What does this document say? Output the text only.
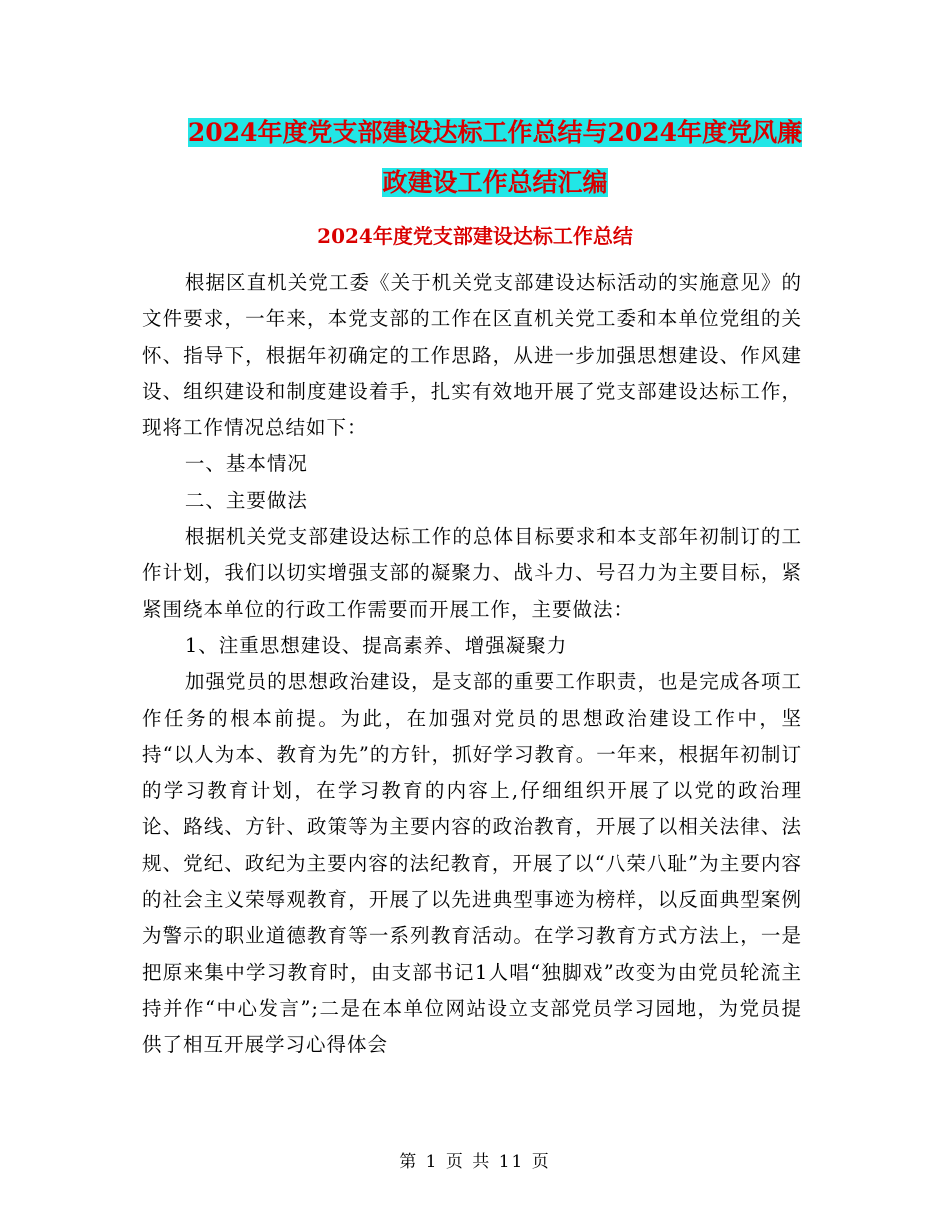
2024年度党支部建设达标工作总结与2024年度党风廉
政建设工作总结汇编
2024年度党支部建设达标工作总结

根据区直机关党工委《关于机关党支部建设达标活动的实施意见》的文件要求，一年来，本党支部的工作在区直机关党工委和本单位党组的关怀、指导下，根据年初确定的工作思路，从进一步加强思想建设、作风建设、组织建设和制度建设着手，扎实有效地开展了党支部建设达标工作，现将工作情况总结如下：

一、基本情况

二、主要做法

根据机关党支部建设达标工作的总体目标要求和本支部年初制订的工作计划，我们以切实增强支部的凝聚力、战斗力、号召力为主要目标，紧紧围绕本单位的行政工作需要而开展工作，主要做法：

1、注重思想建设、提高素养、增强凝聚力

加强党员的思想政治建设，是支部的重要工作职责，也是完成各项工作任务的根本前提。为此，在加强对党员的思想政治建设工作中，坚持“以人为本、教育为先”的方针，抓好学习教育。一年来，根据年初制订的学习教育计划，在学习教育的内容上,仔细组织开展了以党的政治理论、路线、方针、政策等为主要内容的政治教育，开展了以相关法律、法规、党纪、政纪为主要内容的法纪教育，开展了以“八荣八耻”为主要内容的社会主义荣辱观教育，开展了以先进典型事迹为榜样，以反面典型案例为警示的职业道德教育等一系列教育活动。在学习教育方式方法上，一是把原来集中学习教育时，由支部书记1人唱“独脚戏”改变为由党员轮流主持并作“中心发言”;二是在本单位网站设立支部党员学习园地，为党员提供了相互开展学习心得体会

第 1 页 共 11 页
